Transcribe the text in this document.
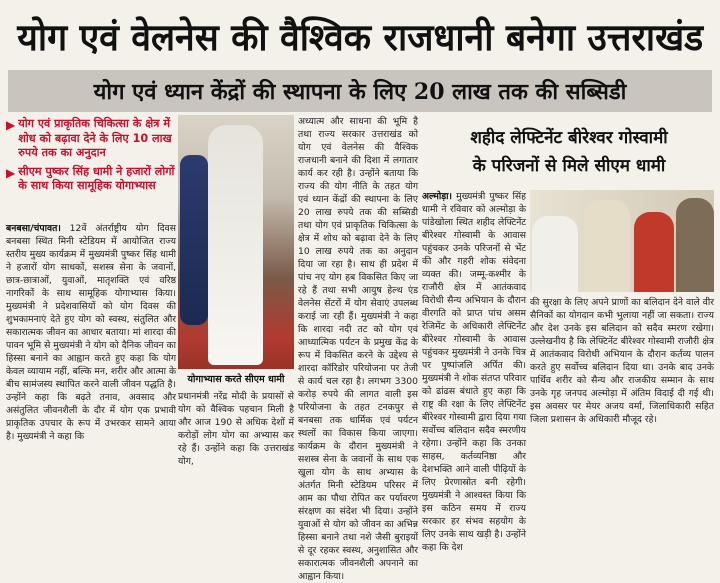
योग एवं वेलनेस की वैश्विक राजधानी बनेगा उत्तराखंड
योग एवं ध्यान केंद्रों की स्थापना के लिए 20 लाख तक की सब्सिडी
▶ योग एवं प्राकृतिक चिकित्सा के क्षेत्र में शोध को बढ़ावा देने के लिए 10 लाख रुपये तक का अनुदान
▶ सीएम पुष्कर सिंह धामी ने हजारों लोगों के साथ किया सामूहिक योगाभ्यास
बनबसा/चंपावत। 12वें अंतर्राष्ट्रीय योग दिवस बनबसा स्थित मिनी स्टेडियम में आयोजित राज्य स्तरीय मुख्य कार्यक्रम में मुख्यमंत्री पुष्कर सिंह धामी ने हजारों योग साधकों, सशस्त्र सेना के जवानों, छात्र-छात्राओं, युवाओं, मातृशक्ति एवं वरिष्ठ नागरिकों के साथ सामूहिक योगाभ्यास किया। मुख्यमंत्री ने प्रदेशवासियों को योग दिवस की शुभकामनाएं देते हुए योग को स्वस्थ, संतुलित और सकारात्मक जीवन का आधार बताया। मां शारदा की पावन भूमि से मुख्यमंत्री ने योग को दैनिक जीवन का हिस्सा बनाने का आह्वान करते हुए कहा कि योग केवल व्यायाम नहीं, बल्कि मन, शरीर और आत्मा के बीच सामंजस्य स्थापित करने वाली जीवन पद्धति है। उन्होंने कहा कि बढ़ते तनाव, अवसाद और असंतुलित जीवनशैली के दौर में योग एक प्रभावी प्राकृतिक उपचार के रूप में उभरकर सामने आया है। मुख्यमंत्री ने कहा कि
योगाभ्यास करते सीएम धामी
प्रधानमंत्री नरेंद्र मोदी के प्रयासों से योग को वैश्विक पहचान मिली है और आज 190 से अधिक देशों में करोड़ों लोग योग का अभ्यास कर रहे हैं। उन्होंने कहा कि उत्तराखंड योग,
अध्यात्म और साधना की भूमि है तथा राज्य सरकार उत्तराखंड को योग एवं वेलनेस की वैश्विक राजधानी बनाने की दिशा में लगातार कार्य कर रही है। उन्होंने बताया कि राज्य की योग नीति के तहत योग एवं ध्यान केंद्रों की स्थापना के लिए 20 लाख रुपये तक की सब्सिडी तथा योग एवं प्राकृतिक चिकित्सा के क्षेत्र में शोध को बढ़ावा देने के लिए 10 लाख रुपये तक का अनुदान दिया जा रहा है। साथ ही प्रदेश में पांच नए योग हब विकसित किए जा रहे हैं तथा सभी आयुष हेल्थ एंड वेलनेस सेंटरों में योग सेवाएं उपलब्ध कराई जा रही हैं। मुख्यमंत्री ने कहा कि शारदा नदी तट को योग एवं आध्यात्मिक पर्यटन के प्रमुख केंद्र के रूप में विकसित करने के उद्देश्य से शारदा कॉरिडोर परियोजना पर तेजी से कार्य चल रहा है। लगभग 3300 करोड़ रुपये की लागत वाली इस परियोजना के तहत टनकपुर से बनबसा तक धार्मिक एवं पर्यटन स्थलों का विकास किया जाएगा। कार्यक्रम के दौरान मुख्यमंत्री ने सशस्त्र सेना के जवानों के साथ एक खुला योग के साथ अभ्यास के अंतर्गत मिनी स्टेडियम परिसर में आम का पौधा रोपित कर पर्यावरण संरक्षण का संदेश भी दिया। उन्होंने युवाओं से योग को जीवन का अभिन्न हिस्सा बनाने तथा नशे जैसी बुराइयों से दूर रहकर स्वस्थ, अनुशासित और सकारात्मक जीवनशैली अपनाने का आह्वान किया।
शहीद लेफ्टिनेंट बीरेश्वर गोस्वामी
के परिजनों से मिले सीएम धामी
अल्मोड़ा। मुख्यमंत्री पुष्कर सिंह धामी ने रविवार को अल्मोड़ा के पांडेखोला स्थित शहीद लेफ्टिनेंट बीरेश्वर गोस्वामी के आवास पहुंचकर उनके परिजनों से भेंट की और गहरी शोक संवेदना व्यक्त की। जम्मू-कश्मीर के राजौरी क्षेत्र में आतंकवाद विरोधी सैन्य अभियान के दौरान वीरगति को प्राप्त पांच असम रेजिमेंट के अधिकारी लेफ्टिनेंट बीरेश्वर गोस्वामी के आवास पहुंचकर मुख्यमंत्री ने उनके चित्र पर पुष्पांजलि अर्पित की। मुख्यमंत्री ने शोक संतप्त परिवार को ढांढस बंधाते हुए कहा कि राष्ट्र की रक्षा के लिए लेफ्टिनेंट बीरेश्वर गोस्वामी द्वारा दिया गया सर्वोच्च बलिदान सदैव स्मरणीय रहेगा। उन्होंने कहा कि उनका साहस, कर्तव्यनिष्ठा और देशभक्ति आने वाली पीढ़ियों के लिए प्रेरणास्रोत बनी रहेगी। मुख्यमंत्री ने आश्वस्त किया कि इस कठिन समय में राज्य सरकार हर संभव सहयोग के लिए उनके साथ खड़ी है। उन्होंने कहा कि देश
की सुरक्षा के लिए अपने प्राणों का बलिदान देने वाले वीर सैनिकों का योगदान कभी भुलाया नहीं जा सकता। राज्य और देश उनके इस बलिदान को सदैव स्मरण रखेगा। उल्लेखनीय है कि लेफ्टिनेंट बीरेश्वर गोस्वामी राजौरी क्षेत्र में आतंकवाद विरोधी अभियान के दौरान कर्तव्य पालन करते हुए सर्वोच्च बलिदान दिया था। उनके बाद उनके पार्थिव शरीर को सैन्य और राजकीय सम्मान के साथ उनके गृह जनपद अल्मोड़ा में अंतिम विदाई दी गई थी। इस अवसर पर मेयर अजय वर्मा, जिलाधिकारी सहित जिला प्रशासन के अधिकारी मौजूद रहे।
